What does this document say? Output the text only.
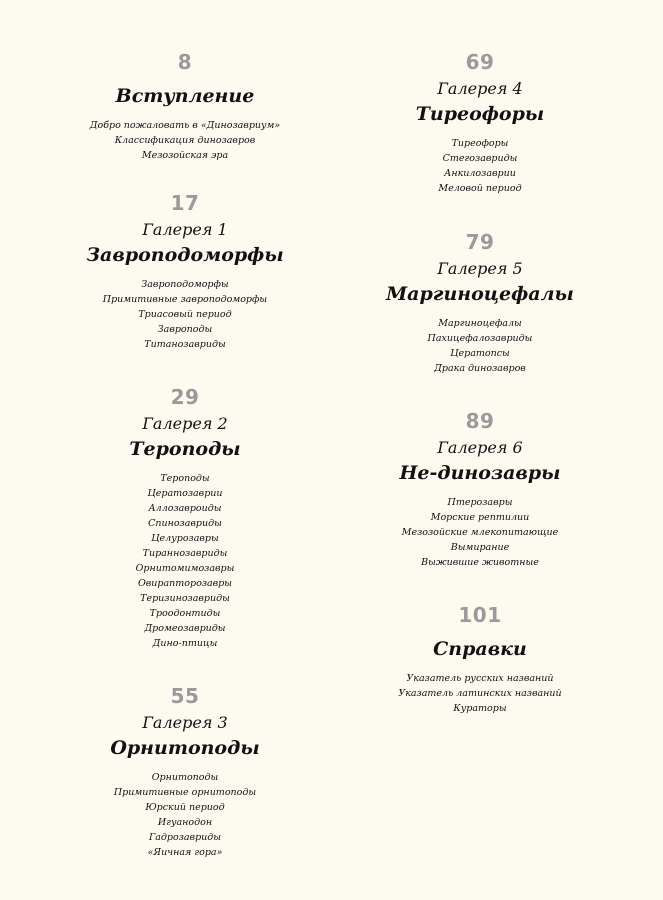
8
Вступление
Добро пожаловать в «Динозавриум»
Классификация динозавров
Мезозойская эра
17
Галерея 1
Завроподоморфы
Завроподоморфы
Примитивные завроподоморфы
Триасовый период
Завроподы
Титанозавриды
29
Галерея 2
Тероподы
Тероподы
Цератозаврии
Аллозавроиды
Спинозавриды
Целурозавры
Тираннозавриды
Орнитомимозавры
Овирапторозавры
Теризинозавриды
Троодонтиды
Дромеозавриды
Дино-птицы
55
Галерея 3
Орнитоподы
Орнитоподы
Примитивные орнитоподы
Юрский период
Игуанодон
Гадрозавриды
«Яичная гора»
69
Галерея 4
Тиреофоры
Тиреофоры
Стегозавриды
Анкилозаврии
Меловой период
79
Галерея 5
Маргиноцефалы
Маргиноцефалы
Пахицефалозавриды
Цератопсы
Драка динозавров
89
Галерея 6
Не-динозавры
Птерозавры
Морские рептилии
Мезозойские млекопитающие
Вымирание
Выжившие животные
101
Справки
Указатель русских названий
Указатель латинских названий
Кураторы
